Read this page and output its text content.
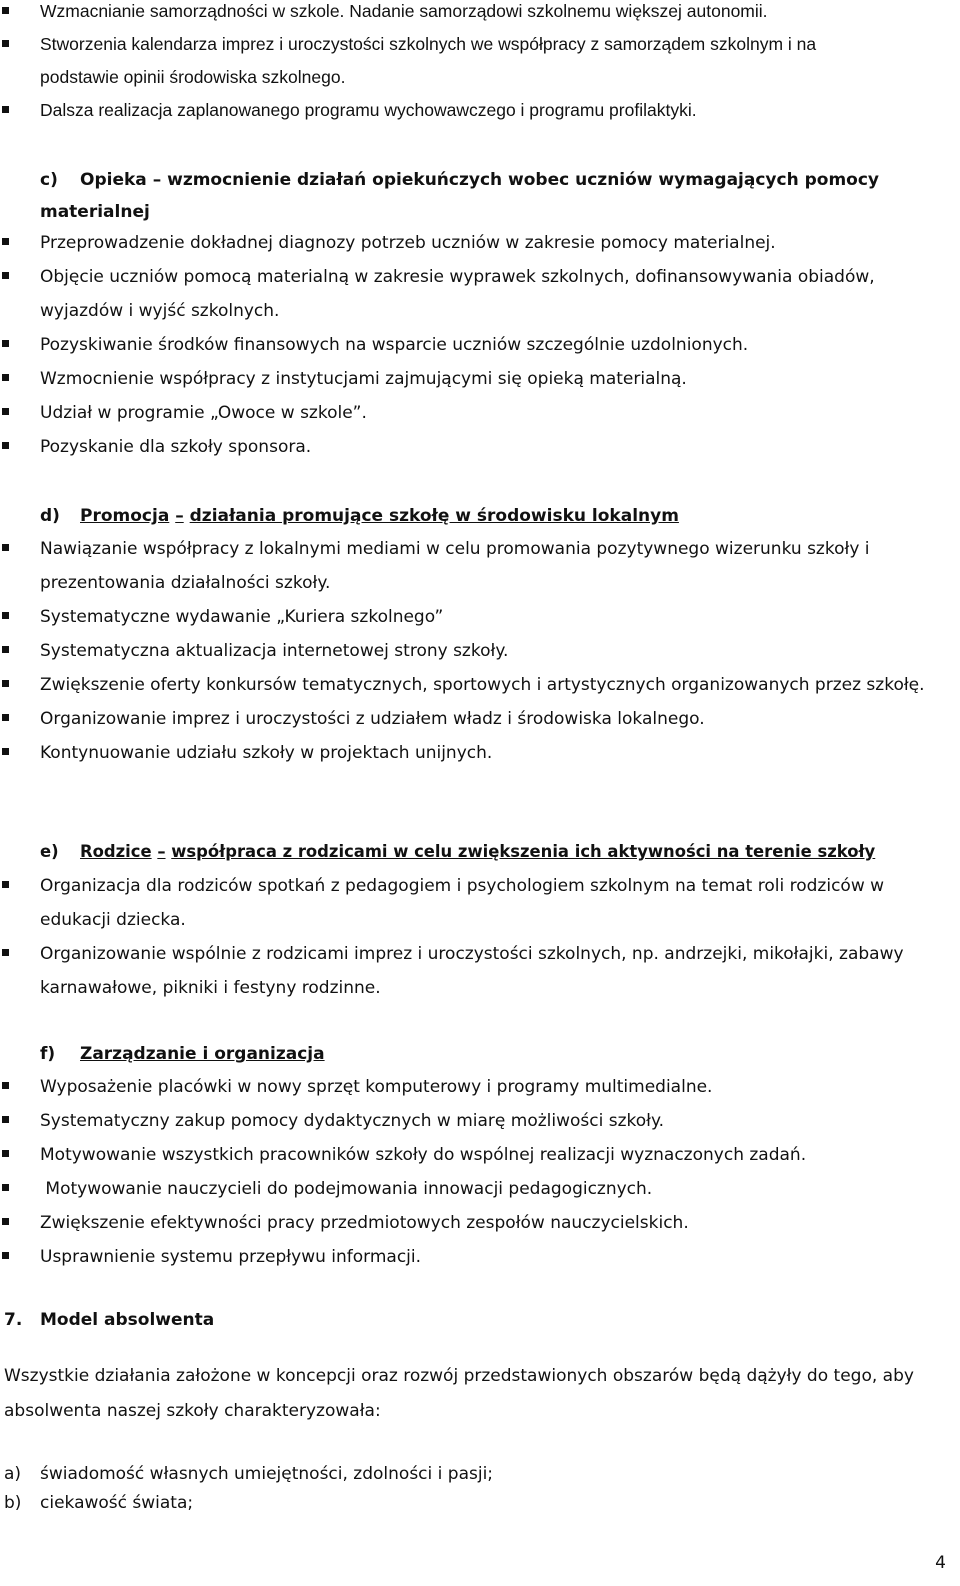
Wzmacnianie samorządności w szkole. Nadanie samorządowi szkolnemu większej autonomii.
Stworzenia kalendarza imprez i uroczystości szkolnych we współpracy z samorządem szkolnym i na podstawie opinii środowiska szkolnego.
Dalsza realizacja zaplanowanego programu wychowawczego i programu profilaktyki.
c) Opieka – wzmocnienie działań opiekuńczych wobec uczniów wymagających pomocy materialnej
Przeprowadzenie dokładnej diagnozy potrzeb uczniów w zakresie pomocy materialnej.
Objęcie uczniów pomocą materialną w zakresie wyprawek szkolnych, dofinansowywania obiadów, wyjazdów i wyjść szkolnych.
Pozyskiwanie środków finansowych na wsparcie uczniów szczególnie uzdolnionych.
Wzmocnienie współpracy z instytucjami zajmującymi się opieką materialną.
Udział w programie „Owoce w szkole”.
Pozyskanie dla szkoły sponsora.
d) Promocja – działania promujące szkołę w środowisku lokalnym
Nawiązanie współpracy z lokalnymi mediami w celu promowania pozytywnego wizerunku szkoły i prezentowania działalności szkoły.
Systematyczne wydawanie „Kuriera szkolnego”
Systematyczna aktualizacja internetowej strony szkoły.
Zwiększenie oferty konkursów tematycznych, sportowych i artystycznych organizowanych przez szkołę.
Organizowanie imprez i uroczystości z udziałem władz i środowiska lokalnego.
Kontynuowanie udziału szkoły w projektach unijnych.
e) Rodzice – współpraca z rodzicami w celu zwiększenia ich aktywności na terenie szkoły
Organizacja dla rodziców spotkań z pedagogiem i psychologiem szkolnym na temat roli rodziców w edukacji dziecka.
Organizowanie wspólnie z rodzicami imprez i uroczystości szkolnych, np. andrzejki, mikołajki, zabawy karnawałowe, pikniki i festyny rodzinne.
f) Zarządzanie i organizacja
Wyposażenie placówki w nowy sprzęt komputerowy i programy multimedialne.
Systematyczny zakup pomocy dydaktycznych w miarę możliwości szkoły.
Motywowanie wszystkich pracowników szkoły do wspólnej realizacji wyznaczonych zadań.
Motywowanie nauczycieli do podejmowania innowacji pedagogicznych.
Zwiększenie efektywności pracy przedmiotowych zespołów nauczycielskich.
Usprawnienie systemu przepływu informacji.
7. Model absolwenta
Wszystkie działania założone w koncepcji oraz rozwój przedstawionych obszarów będą dążyły do tego, aby absolwenta naszej szkoły charakteryzowała:
a) świadomość własnych umiejętności, zdolności i pasji;
b) ciekawość świata;
4
